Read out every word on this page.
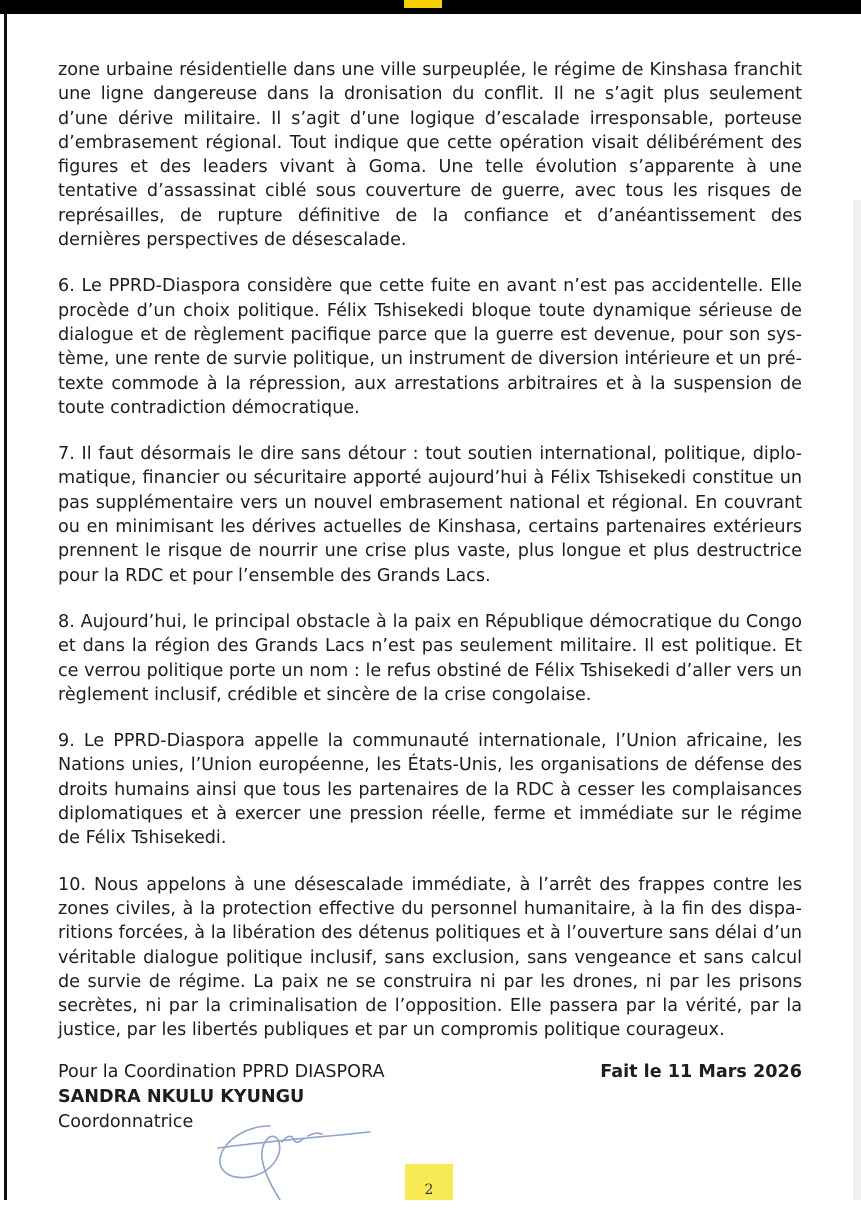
zone urbaine résidentielle dans une ville surpeuplée, le régime de Kinshasa franchit une ligne dangereuse dans la dronisation du conflit. Il ne s’agit plus seulement d’une dérive militaire. Il s’agit d’une logique d’escalade irresponsable, porteuse d’embrasement régional. Tout indique que cette opération visait délibérément des figures et des leaders vivant à Goma. Une telle évolution s’apparente à une tentative d’assassinat ciblé sous couverture de guerre, avec tous les risques de représailles, de rupture définitive de la confiance et d’anéantissement des dernières perspectives de désescalade.

6. Le PPRD-Diaspora considère que cette fuite en avant n’est pas accidentelle. Elle procède d’un choix politique. Félix Tshisekedi bloque toute dynamique sérieuse de dialogue et de règlement pacifique parce que la guerre est devenue, pour son système, une rente de survie politique, un instrument de diversion intérieure et un prétexte commode à la répression, aux arrestations arbitraires et à la suspension de toute contradiction démocratique.

7. Il faut désormais le dire sans détour : tout soutien international, politique, diplomatique, financier ou sécuritaire apporté aujourd’hui à Félix Tshisekedi constitue un pas supplémentaire vers un nouvel embrasement national et régional. En couvrant ou en minimisant les dérives actuelles de Kinshasa, certains partenaires extérieurs prennent le risque de nourrir une crise plus vaste, plus longue et plus destructrice pour la RDC et pour l’ensemble des Grands Lacs.

8. Aujourd’hui, le principal obstacle à la paix en République démocratique du Congo et dans la région des Grands Lacs n’est pas seulement militaire. Il est politique. Et ce verrou politique porte un nom : le refus obstiné de Félix Tshisekedi d’aller vers un règlement inclusif, crédible et sincère de la crise congolaise.

9. Le PPRD-Diaspora appelle la communauté internationale, l’Union africaine, les Nations unies, l’Union européenne, les États-Unis, les organisations de défense des droits humains ainsi que tous les partenaires de la RDC à cesser les complaisances diplomatiques et à exercer une pression réelle, ferme et immédiate sur le régime de Félix Tshisekedi.

10. Nous appelons à une désescalade immédiate, à l’arrêt des frappes contre les zones civiles, à la protection effective du personnel humanitaire, à la fin des disparitions forcées, à la libération des détenus politiques et à l’ouverture sans délai d’un véritable dialogue politique inclusif, sans exclusion, sans vengeance et sans calcul de survie de régime. La paix ne se construira ni par les drones, ni par les prisons secrètes, ni par la criminalisation de l’opposition. Elle passera par la vérité, par la justice, par les libertés publiques et par un compromis politique courageux.

Pour la Coordination PPRD DIASPORA	Fait le 11 Mars 2026
SANDRA NKULU KYUNGU
Coordonnatrice
2
